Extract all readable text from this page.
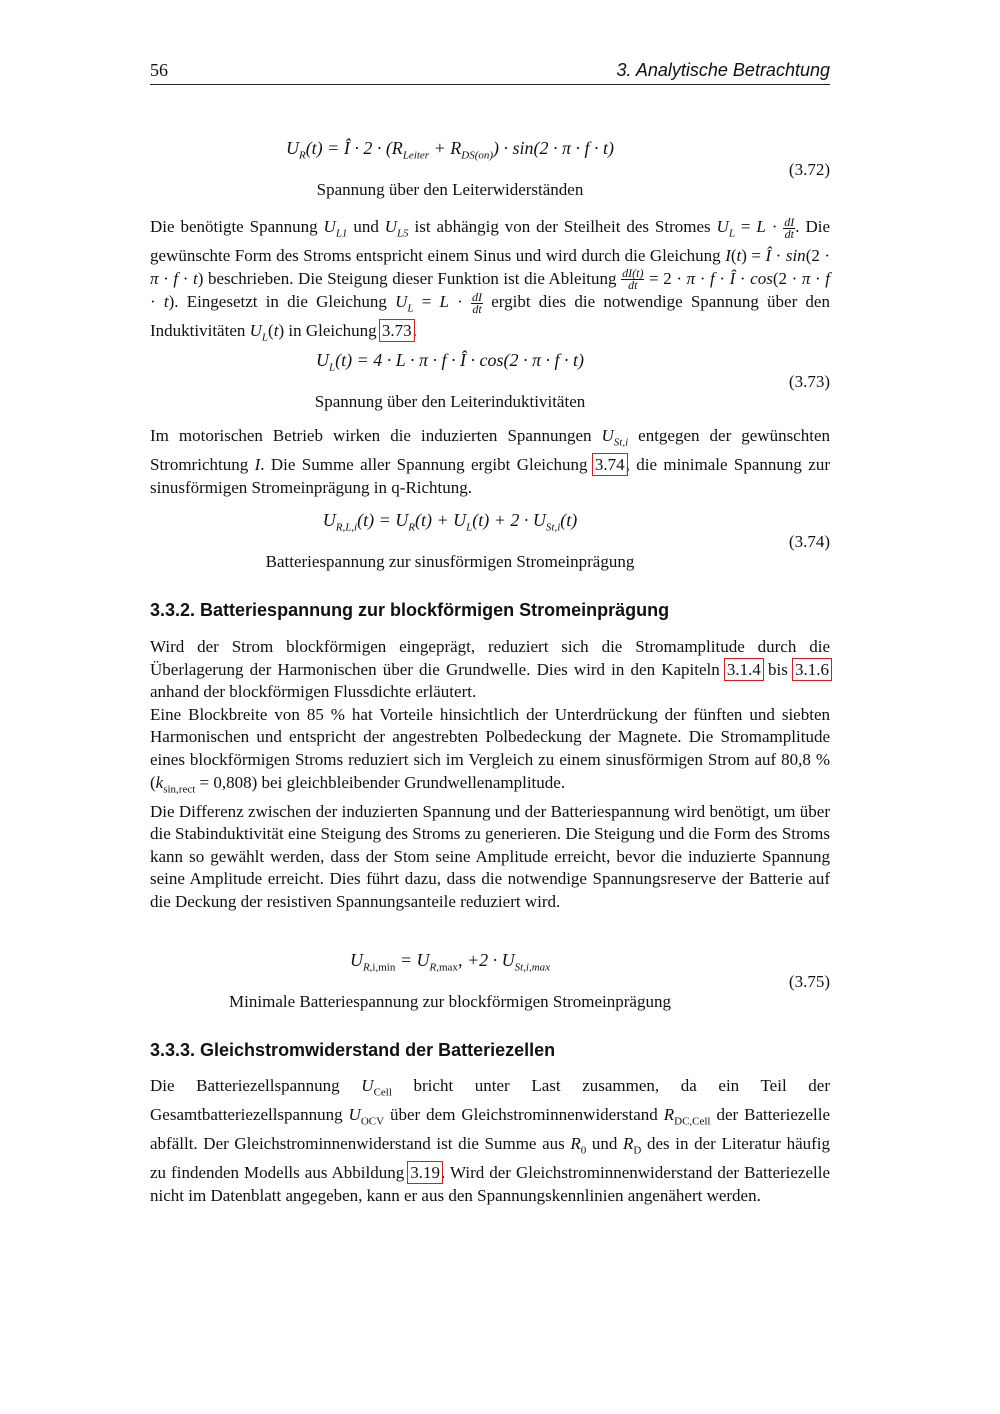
56	3. Analytische Betrachtung
$U_R(t)$ = Î · $2 \cdot (R_{Leiter} + R_{DS(on)}) \cdot \sin(2 \cdot \pi \cdot f \cdot t)$
Spannung über den Leiterwiderständen
(3.72)
Die benötigte Spannung $U_{L1}$ und $U_{L5}$ ist abhängig von der Steilheit des Stromes $U_L = L \cdot \frac{dI}{dt}$ . Die gewünschte Form des Stroms entspricht einem Sinus und wird durch die Gleichung I(t) = Î · sin(2 · π · f · t) beschrieben. Die Steigung dieser Funktion ist die Ableitung $\frac{dI(t)}{dt} = 2 \cdot \pi \cdot f$ · Î · cos(2 · π · f · t). Eingesetzt in die Gleichung $U_L = L \cdot \frac{dI}{dt}$ ergibt dies die notwendige Spannung über den Induktivitäten $U_L(t)$ in Gleichung 3.73.
$U_L(t) = 4 \cdot L \cdot \pi \cdot f$ · Î · cos(2 · π · f · t)
Spannung über den Leiterinduktivitäten
(3.73)
Im motorischen Betrieb wirken die induzierten Spannungen $U_{St,i}$ entgegen der gewünschten Stromrichtung I. Die Summe aller Spannung ergibt Gleichung 3.74, die minimale Spannung zur sinusförmigen Stromeinprägung in q-Richtung.
$U_{R,L,i}(t) = U_R(t) + U_L(t) + 2 \cdot U_{St,i}(t)$
Batteriespannung zur sinusförmigen Stromeinprägung
(3.74)
3.3.2. Batteriespannung zur blockförmigen Stromeinprägung
Wird der Strom blockförmigen eingeprägt, reduziert sich die Stromamplitude durch die Überlagerung der Harmonischen über die Grundwelle. Dies wird in den Kapiteln 3.1.4 bis 3.1.6 anhand der blockförmigen Flussdichte erläutert.
Eine Blockbreite von 85 % hat Vorteile hinsichtlich der Unterdrückung der fünften und siebten Harmonischen und entspricht der angestrebten Polbedeckung der Magnete. Die Stromamplitude eines blockförmigen Stroms reduziert sich im Vergleich zu einem sinusförmigen Strom auf 80,8 % $(k_{sin,rect} = 0,808)$ bei gleichbleibender Grundwellenamplitude.
Die Differenz zwischen der induzierten Spannung und der Batteriespannung wird benötigt, um über die Stabinduktivität eine Steigung des Stroms zu generieren. Die Steigung und die Form des Stroms kann so gewählt werden, dass der Stom seine Amplitude erreicht, bevor die induzierte Spannung seine Amplitude erreicht. Dies führt dazu, dass die notwendige Spannungsreserve der Batterie auf die Deckung der resistiven Spannungsanteile reduziert wird.
$U_{R,i,min} = U_{R,max}$, $+2 \cdot U_{St,i,max}$
Minimale Batteriespannung zur blockförmigen Stromeinprägung
(3.75)
3.3.3. Gleichstromwiderstand der Batteriezellen
Die Batteriezellspannung $U_{Cell}$ bricht unter Last zusammen, da ein Teil der Gesamtbatteriezellspannung $U_{OCV}$ über dem Gleichstrominnenwiderstand $R_{DC,Cell}$ der Batteriezelle abfällt. Der Gleichstrominnenwiderstand ist die Summe aus $R_0$ und $R_D$ des in der Literatur häufig zu findenden Modells aus Abbildung 3.19. Wird der Gleichstrominnenwiderstand der Batteriezelle nicht im Datenblatt angegeben, kann er aus den Spannungskennlinien angenähert werden.
